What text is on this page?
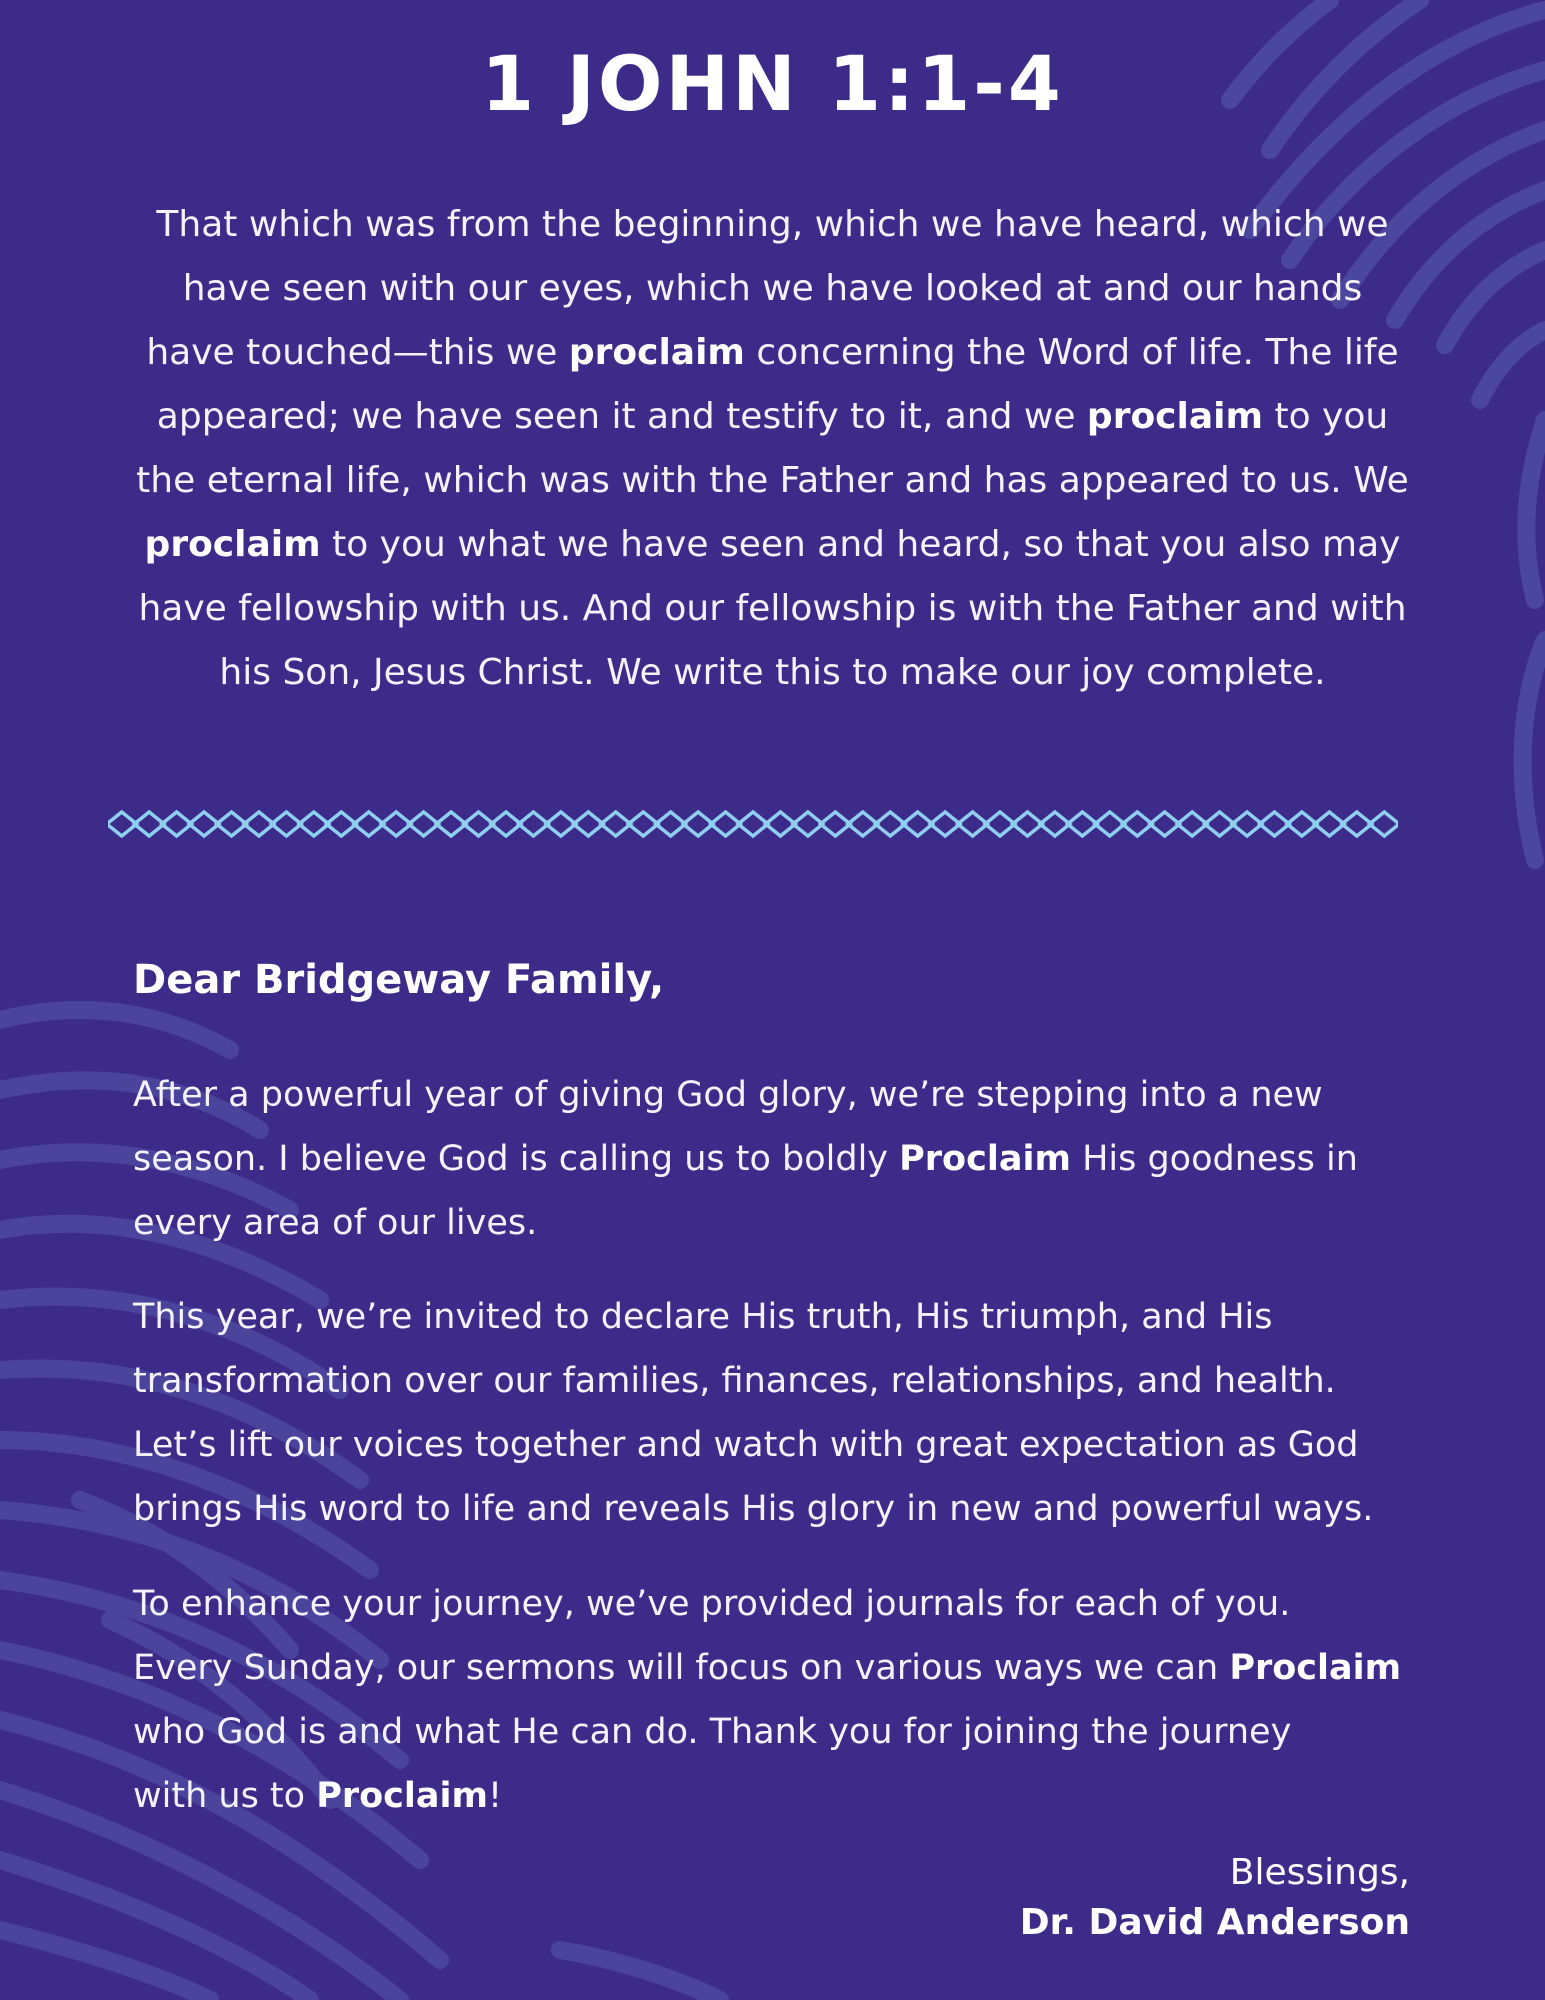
1 JOHN 1:1-4
That which was from the beginning, which we have heard, which we
have seen with our eyes, which we have looked at and our hands
have touched—this we proclaim concerning the Word of life. The life
appeared; we have seen it and testify to it, and we proclaim to you
the eternal life, which was with the Father and has appeared to us. We
proclaim to you what we have seen and heard, so that you also may
have fellowship with us. And our fellowship is with the Father and with
his Son, Jesus Christ. We write this to make our joy complete.
Dear Bridgeway Family,
After a powerful year of giving God glory, we’re stepping into a new
season. I believe God is calling us to boldly Proclaim His goodness in
every area of our lives.
This year, we’re invited to declare His truth, His triumph, and His
transformation over our families, finances, relationships, and health.
Let’s lift our voices together and watch with great expectation as God
brings His word to life and reveals His glory in new and powerful ways.
To enhance your journey, we’ve provided journals for each of you.
Every Sunday, our sermons will focus on various ways we can Proclaim
who God is and what He can do. Thank you for joining the journey
with us to Proclaim!
Blessings,
Dr. David Anderson
